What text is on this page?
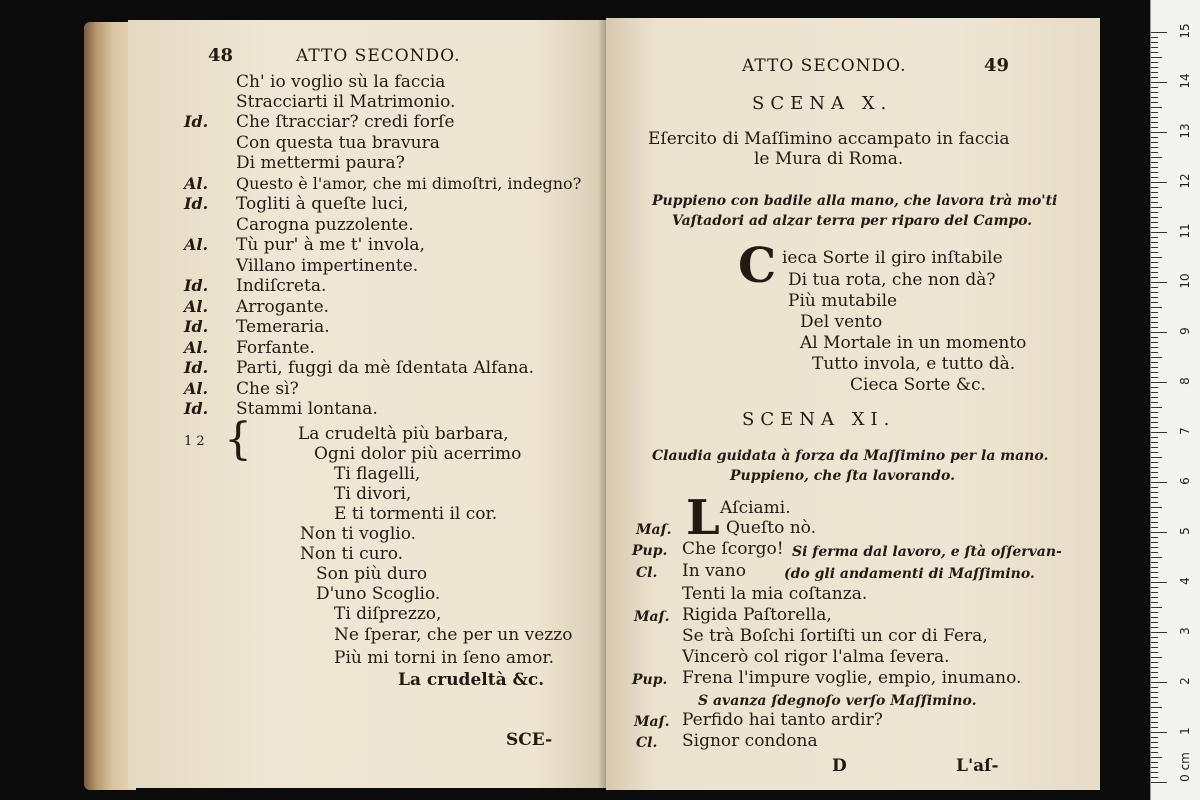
48	ATTO SECONDO.
Ch' io voglio sù la faccia
Stracciarti il Matrimonio.
Id. Che ſtracciar? credi forſe
Con questa tua bravura
Di mettermi paura?
Al. Questo è l'amor, che mi dimoſtri, indegno?
Id. Togliti à queſte luci,
Carogna puzzolente.
Al. Tù pur' à me t' invola,
Villano impertinente.
Id. Indiſcreta.
Al. Arrogante.
Id. Temeraria.
Al. Forfante.
Id. Parti, fuggi da mè ſdentata Alfana.
Al. Che sì?
Id. Stammi lontana.
1 2 {	La crudeltà più barbara,
Ogni dolor più acerrimo
Ti flagelli,
Ti divori,
E ti tormenti il cor.
Non ti voglio.
Non ti curo.
Son più duro
D'uno Scoglio.
Ti diſprezzo,
Ne ſperar, che per un vezzo
Più mi torni in ſeno amor.
La crudeltà &c.
SCE-
ATTO SECONDO.	49
SCENA X.
Eſercito di Maſſimino accampato in faccia
le Mura di Roma.
Puppieno con badile alla mano, che lavora trà mo'ti
Vaſtadori ad alzar terra per riparo del Campo.
C ieca Sorte il giro inſtabile
Di tua rota, che non dà?
Più mutabile
Del vento
Al Mortale in un momento
Tutto invola, e tutto dà.
Cieca Sorte &c.
SCENA XI.
Claudia guidata à forza da Maſſimino per la mano.
Puppieno, che ſta lavorando.
L Aſciami.
Maſ.	Queſto nò.
Pup. Che ſcorgo! Si ferma dal lavoro, e ſtà oſſervan-
Cl. In vano	(do gli andamenti di Maſſimino.
Tenti la mia coſtanza.
Maſ. Rigida Paſtorella,
Se trà Boſchi ſortiſti un cor di Fera,
Vincerò col rigor l'alma ſevera.
Pup. Frena l'impure voglie, empio, inumano.
S avanza ſdegnoſo verſo Maſſimino.
Maſ. Perfido hai tanto ardir?
Cl. Signor condona
D	L'aſ-	0 cm
1
2
3
4
5
6
7
8
9
10
11
12
13
14
15
